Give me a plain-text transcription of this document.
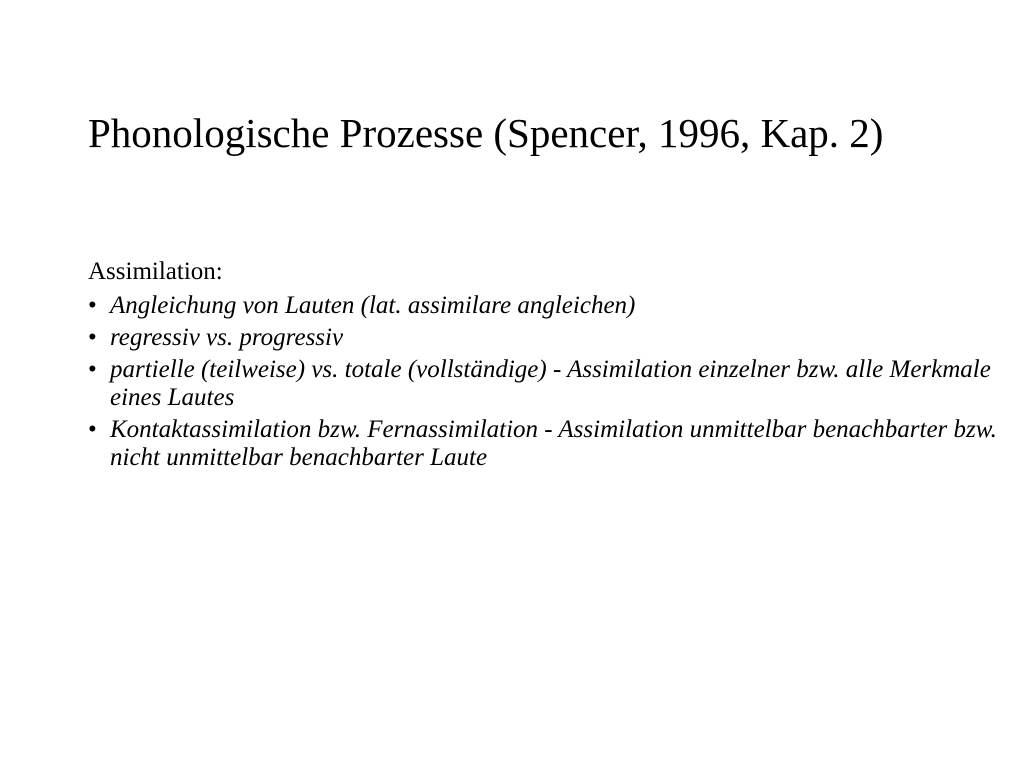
Phonologische Prozesse (Spencer, 1996, Kap. 2)

Assimilation:

• Angleichung von Lauten (lat. assimilare angleichen)
• regressiv vs. progressiv
• partielle (teilweise) vs. totale (vollständige) - Assimilation einzelner bzw. alle Merkmale eines Lautes
• Kontaktassimilation bzw. Fernassimilation - Assimilation unmittelbar benachbarter bzw. nicht unmittelbar benachbarter Laute
